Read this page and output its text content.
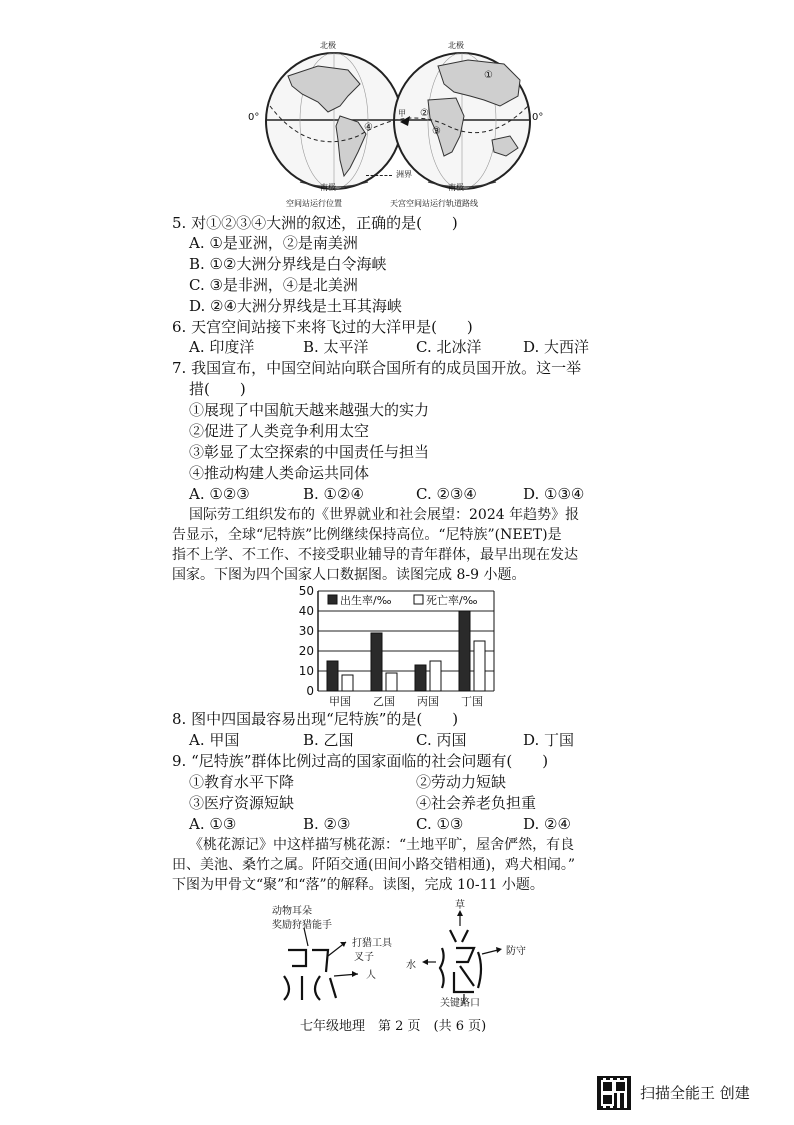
北极	北极
南极	南极
0°	0°
甲
①
②
③
④
洲界
空间站运行位置	天宫空间站运行轨道路线
5. 对①②③④大洲的叙述，正确的是(　　)
A. ①是亚洲，②是南美洲
B. ①②大洲分界线是白令海峡
C. ③是非洲，④是北美洲
D. ②④大洲分界线是土耳其海峡
6. 天宫空间站接下来将飞过的大洋甲是(　　)
A. 印度洋	B. 太平洋	C. 北冰洋	D. 大西洋
7. 我国宣布，中国空间站向联合国所有的成员国开放。这一举
措(　　)
①展现了中国航天越来越强大的实力
②促进了人类竞争利用太空
③彰显了太空探索的中国责任与担当
④推动构建人类命运共同体
A. ①②③	B. ①②④	C. ②③④	D. ①③④
国际劳工组织发布的《世界就业和社会展望：2024 年趋势》报
告显示，全球“尼特族”比例继续保持高位。“尼特族”(NEET)是
指不上学、不工作、不接受职业辅导的青年群体，最早出现在发达
国家。下图为四个国家人口数据图。读图完成 8-9 小题。
0
10
20
30
40
50
甲国 乙国 丙国 丁国
出生率/‰	死亡率/‰
8. 图中四国最容易出现“尼特族”的是(　　)
A. 甲国	B. 乙国	C. 丙国	D. 丁国
9. “尼特族”群体比例过高的国家面临的社会问题有(　　)
①教育水平下降	②劳动力短缺
③医疗资源短缺	④社会养老负担重
A. ①③	B. ②③	C. ①③	D. ②④
《桃花源记》中这样描写桃花源：“土地平旷，屋舍俨然，有良
田、美池、桑竹之属。阡陌交通(田间小路交错相通)，鸡犬相闻。”
下图为甲骨文“聚”和“落”的解释。读图，完成 10-11 小题。
动物耳朵
奖励狩猎能手
打猎工具
叉子
人
草
水
防守
关键路口
七年级地理　第 2 页　(共 6 页)
扫描全能王 创建
